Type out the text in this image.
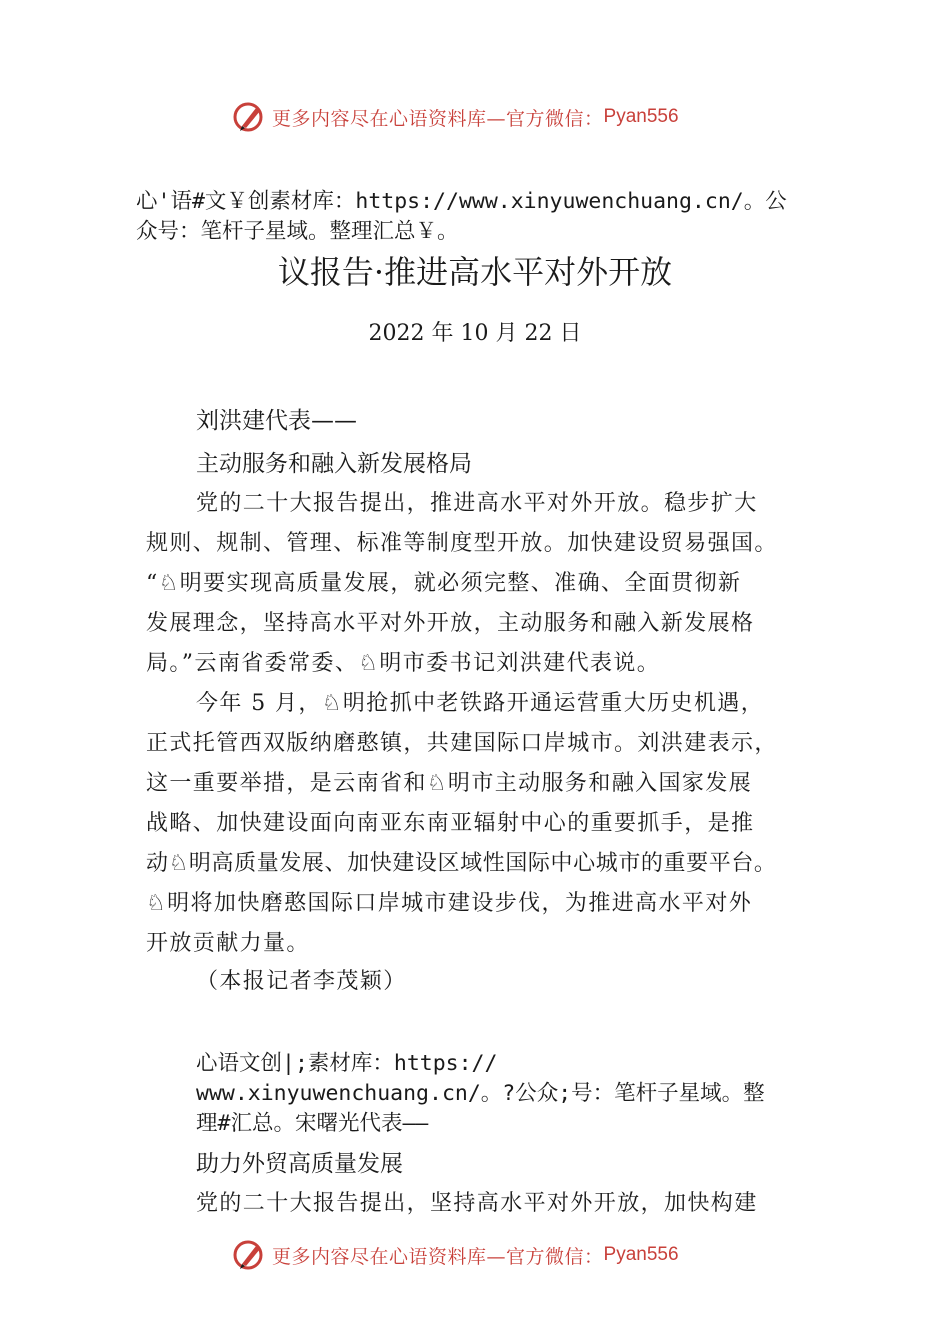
更多内容尽在心语资料库—官方微信： Pyan556
心'语#文￥创素材库：https://www.xinyuwenchuang.cn/。公
众号：笔杆子星域。整理汇总￥。
议报告·推进高水平对外开放
2022 年 10 月 22 日
刘洪建代表——
主动服务和融入新发展格局
党的二十大报告提出，推进高水平对外开放。稳步扩大
规则、规制、管理、标准等制度型开放。加快建设贸易强国。
“♘明要实现高质量发展，就必须完整、准确、全面贯彻新
发展理念，坚持高水平对外开放，主动服务和融入新发展格
局。”云南省委常委、♘明市委书记刘洪建代表说。
今年 5 月，♘明抢抓中老铁路开通运营重大历史机遇，
正式托管西双版纳磨憨镇，共建国际口岸城市。刘洪建表示，
这一重要举措，是云南省和♘明市主动服务和融入国家发展
战略、加快建设面向南亚东南亚辐射中心的重要抓手，是推
动♘明高质量发展、加快建设区域性国际中心城市的重要平台。
♘明将加快磨憨国际口岸城市建设步伐，为推进高水平对外
开放贡献力量。
（本报记者李茂颖）
心语文创|;素材库：https://
www.xinyuwenchuang.cn/。?公众;号：笔杆子星域。整
理#汇总。宋曙光代表——
助力外贸高质量发展
党的二十大报告提出，坚持高水平对外开放，加快构建
更多内容尽在心语资料库—官方微信： Pyan556
